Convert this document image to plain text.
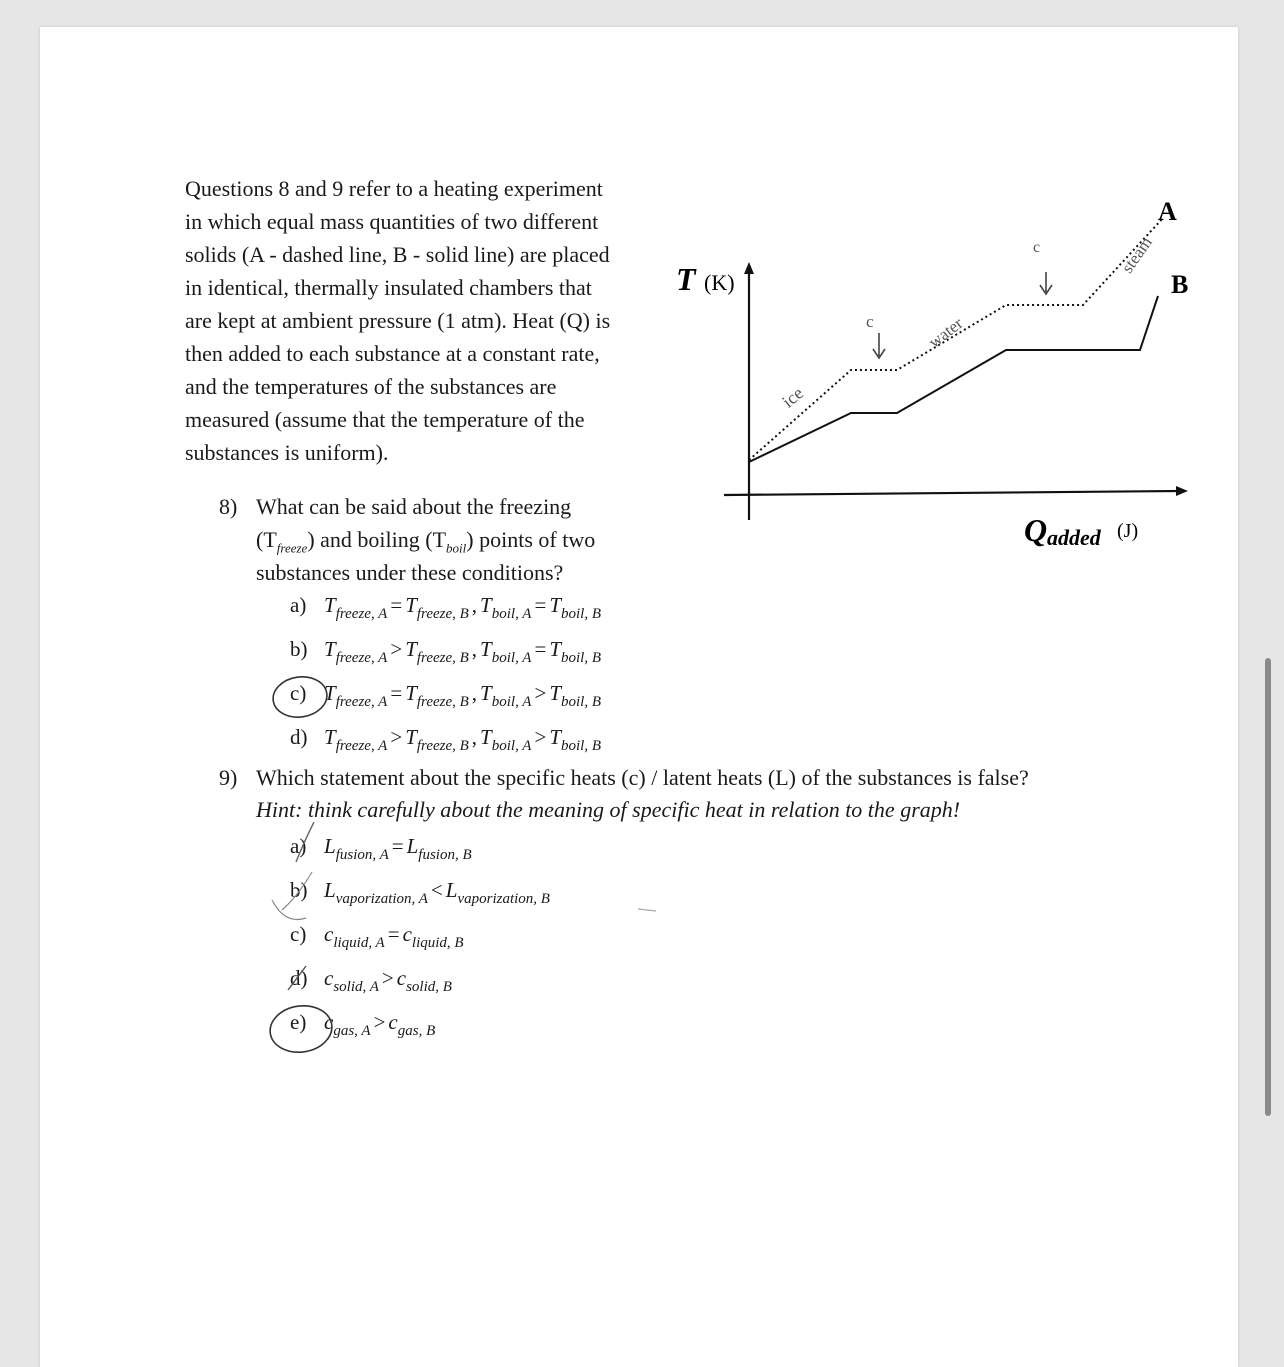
Questions 8 and 9 refer to a heating experiment
in which equal mass quantities of two different
solids (A - dashed line, B - solid line) are placed
in identical, thermally insulated chambers that
are kept at ambient pressure (1 atm). Heat (Q) is
then added to each substance at a constant rate,
and the temperatures of the substances are
measured (assume that the temperature of the
substances is uniform).
T (K)
Q added (J)
A
B
ice
water
steam
c
c
8) What can be said about the freezing
$(T_{freeze})$ and boiling $(T_{boil})$ points of two
substances under these conditions?
a) $T_{freeze, A} = T_{freeze, B}$ , $T_{boil, A} = T_{boil, B}$
b) $T_{freeze, A} > T_{freeze, B}$ , $T_{boil, A} = T_{boil, B}$
c) $T_{freeze, A} = T_{freeze, B}$ , $T_{boil, A} > T_{boil, B}$
d) $T_{freeze, A} > T_{freeze, B}$ , $T_{boil, A} > T_{boil, B}$
9) Which statement about the specific heats (c) / latent heats (L) of the substances is false?
Hint: think carefully about the meaning of specific heat in relation to the graph!
a) $L_{fusion, A} = L_{fusion, B}$
b) $L_{vaporization, A} < L_{vaporization, B}$
c) $c_{liquid, A} = c_{liquid, B}$
d) $c_{solid, A} > c_{solid, B}$
e) $c_{gas, A} > c_{gas, B}$
